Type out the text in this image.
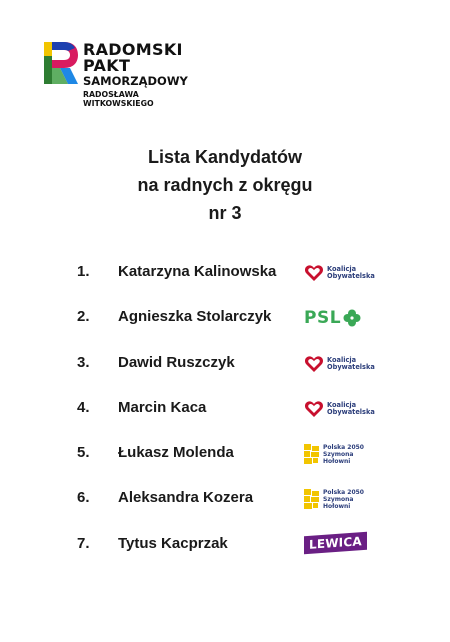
RADOMSKI
PAKT
SAMORZĄDOWY
RADOSŁAWA
WITKOWSKIEGO
Lista Kandydatów
na radnych z okręgu
nr 3
1.	Katarzyna Kalinowska	Koalicja
Obywatelska
2.	Agnieszka Stolarczyk PSL
3.	Dawid Ruszczyk	Koalicja
Obywatelska
4.	Marcin Kaca	Koalicja
Obywatelska
5.	Łukasz Molenda	Polska 2050
Szymona
Hołowni
6.	Aleksandra Kozera	Polska 2050
Szymona
Hołowni
7.	Tytus Kacprzak	LEWICA
